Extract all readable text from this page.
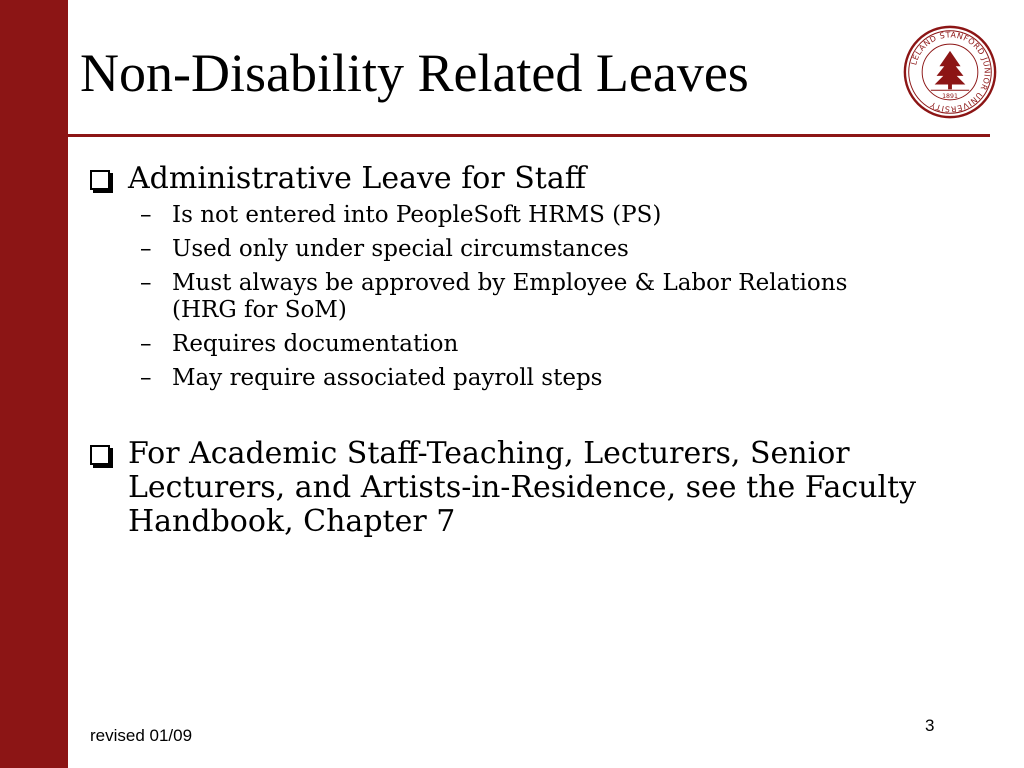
Non-Disability Related Leaves	LELAND STANFORD JUNIOR UNIVERSITY
1891
Administrative Leave for Staff
– Is not entered into PeopleSoft HRMS (PS)
– Used only under special circumstances
– Must always be approved by Employee & Labor Relations (HRG for SoM)
– Requires documentation
– May require associated payroll steps
For Academic Staff-Teaching, Lecturers, Senior Lecturers, and Artists-in-Residence, see the Faculty Handbook, Chapter 7
revised 01/09
3
